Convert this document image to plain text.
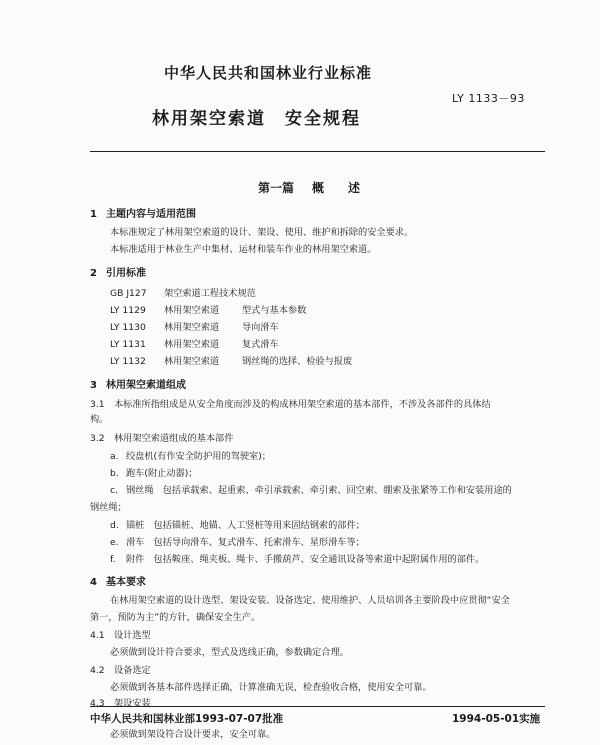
中华人民共和国林业行业标准
LY 1133－93
林用架空索道　安全规程
第一篇 概　　述
1 主题内容与适用范围
本标准规定了林用架空索道的设计、架设、使用、维护和拆除的安全要求。
本标准适用于林业生产中集材、运材和装车作业的林用架空索道。
2 引用标准
GB J127 架空索道工程技术规范
LY 1129 林用架空索道 型式与基本参数
LY 1130 林用架空索道 导向滑车
LY 1131 林用架空索道 复式滑车
LY 1132 林用架空索道 钢丝绳的选择、检验与报废
3 林用架空索道组成
3.1 本标准所指组成是从安全角度而涉及的构成林用架空索道的基本部件，不涉及各部件的具体结
构。
3.2 林用架空索道组成的基本部件
a. 绞盘机(有作安全防护用的驾驶室)；
b. 跑车(附止动器)；
c. 钢丝绳　包括承载索、起重索、牵引承载索、牵引索、回空索、绷索及张紧等工作和安装用途的
钢丝绳；
d. 锚桩　包括锚桩、地锚、人工竖桩等用来固结钢索的部件；
e. 滑车　包括导向滑车、复式滑车、托索滑车、星形滑车等；
f. 附件　包括鞍座、绳夹板、绳卡、手搬葫芦、安全通讯设备等索道中起附属作用的部件。
4 基本要求
在林用架空索道的设计选型、架设安装、设备选定、使用维护、人员培训各主要阶段中应贯彻“安全
第一，预防为主”的方针，确保安全生产。
4.1 设计选型
必须做到设计符合要求，型式及选线正确，参数确定合理。
4.2 设备选定
必须做到各基本部件选择正确，计算准确无误，检查验收合格，使用安全可靠。
4.3 架设安装
中华人民共和国林业部1993-07-07批准	1994-05-01实施
必须做到架设符合设计要求，安全可靠。
